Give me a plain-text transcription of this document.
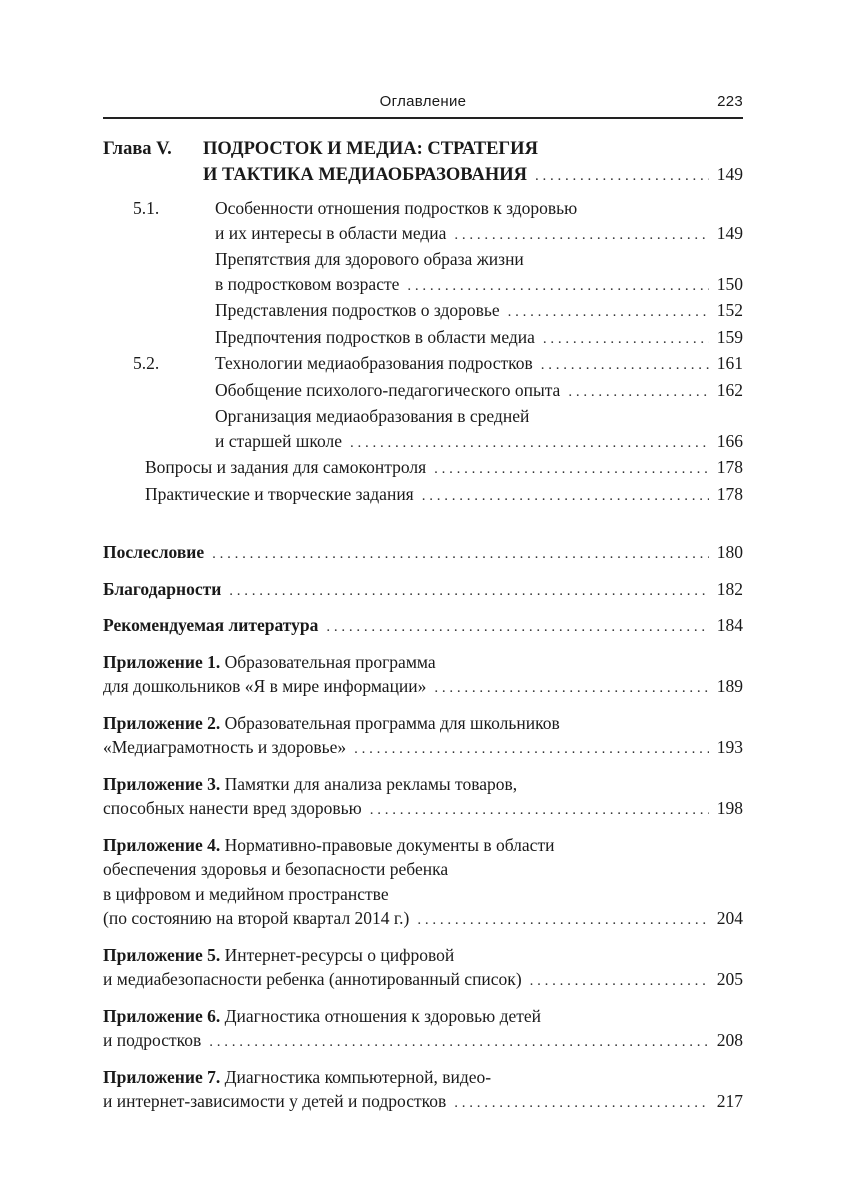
Оглавление	223
Глава V.	ПОДРОСТОК И МЕДИА: СТРАТЕГИЯ
И ТАКТИКА МЕДИАОБРАЗОВАНИЯ . . .	149
5.1.	Особенности отношения подростков к здоровью
и их интересы в области медиа . . .	149
Препятствия для здорового образа жизни
в подростковом возрасте . . .	150
Представления подростков о здоровье . . .	152
Предпочтения подростков в области медиа . . .	159
5.2.	Технологии медиаобразования подростков . . .	161
Обобщение психолого-педагогического опыта . . .	162
Организация медиаобразования в средней
и старшей школе . . .	166
Вопросы и задания для самоконтроля . . .	178
Практические и творческие задания . . .	178
Послесловие . . .	180
Благодарности . . .	182
Рекомендуемая литература . . .	184
Приложение 1. Образовательная программа
для дошкольников «Я в мире информации» . . .	189
Приложение 2. Образовательная программа для школьников
«Медиаграмотность и здоровье» . . .	193
Приложение 3. Памятки для анализа рекламы товаров,
способных нанести вред здоровью . . .	198
Приложение 4. Нормативно-правовые документы в области
обеспечения здоровья и безопасности ребенка
в цифровом и медийном пространстве
(по состоянию на второй квартал 2014 г.) . . .	204
Приложение 5. Интернет-ресурсы о цифровой
и медиабезопасности ребенка (аннотированный список) . . .	205
Приложение 6. Диагностика отношения к здоровью детей
и подростков . . .	208
Приложение 7. Диагностика компьютерной, видео-
и интернет-зависимости у детей и подростков . . .	217
